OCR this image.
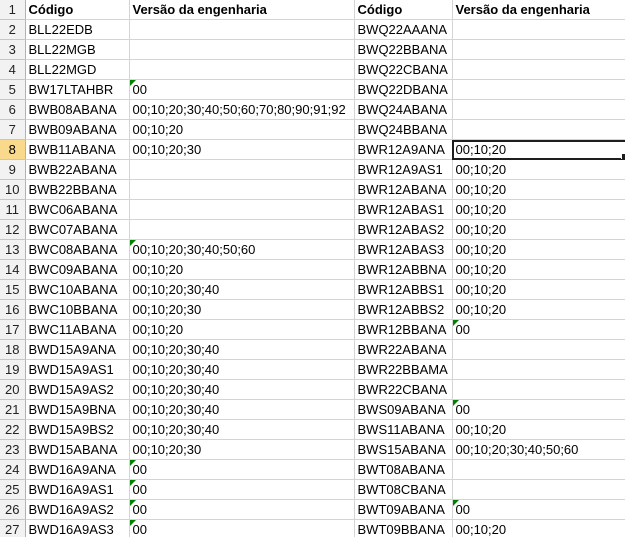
1	Código	Versão da engenharia	Código	Versão da engenharia
2	BLL22EDB		BWQ22AAANA	
3	BLL22MGB		BWQ22BBANA	
4	BLL22MGD		BWQ22CBANA	
5	BW17LTAHBR	00	BWQ22DBANA	
6	BWB08ABANA	00;10;20;30;40;50;60;70;80;90;91;92	BWQ24ABANA	
7	BWB09ABANA	00;10;20	BWQ24BBANA	
8	BWB11ABANA	00;10;20;30	BWR12A9ANA	00;10;20

9	BWB22ABANA		BWR12A9AS1	00;10;20
10	BWB22BBANA		BWR12ABANA	00;10;20
11	BWC06ABANA		BWR12ABAS1	00;10;20
12	BWC07ABANA		BWR12ABAS2	00;10;20
13	BWC08ABANA	00;10;20;30;40;50;60	BWR12ABAS3	00;10;20
14	BWC09ABANA	00;10;20	BWR12ABBNA	00;10;20
15	BWC10ABANA	00;10;20;30;40	BWR12ABBS1	00;10;20
16	BWC10BBANA	00;10;20;30	BWR12ABBS2	00;10;20
17	BWC11ABANA	00;10;20	BWR12BBANA	00

18	BWD15A9ANA	00;10;20;30;40	BWR22ABANA	
19	BWD15A9AS1	00;10;20;30;40	BWR22BBAMA	
20	BWD15A9AS2	00;10;20;30;40	BWR22CBANA	
21	BWD15A9BNA	00;10;20;30;40	BWS09ABANA	00

22	BWD15A9BS2	00;10;20;30;40	BWS11ABANA	00;10;20
23	BWD15ABANA	00;10;20;30	BWS15ABANA	00;10;20;30;40;50;60
24	BWD16A9ANA	00	BWT08ABANA	
25	BWD16A9AS1	00	BWT08CBANA	
26	BWD16A9AS2	00	BWT09ABANA	00

27	BWD16A9AS3	00	BWT09BBANA	00;10;20
